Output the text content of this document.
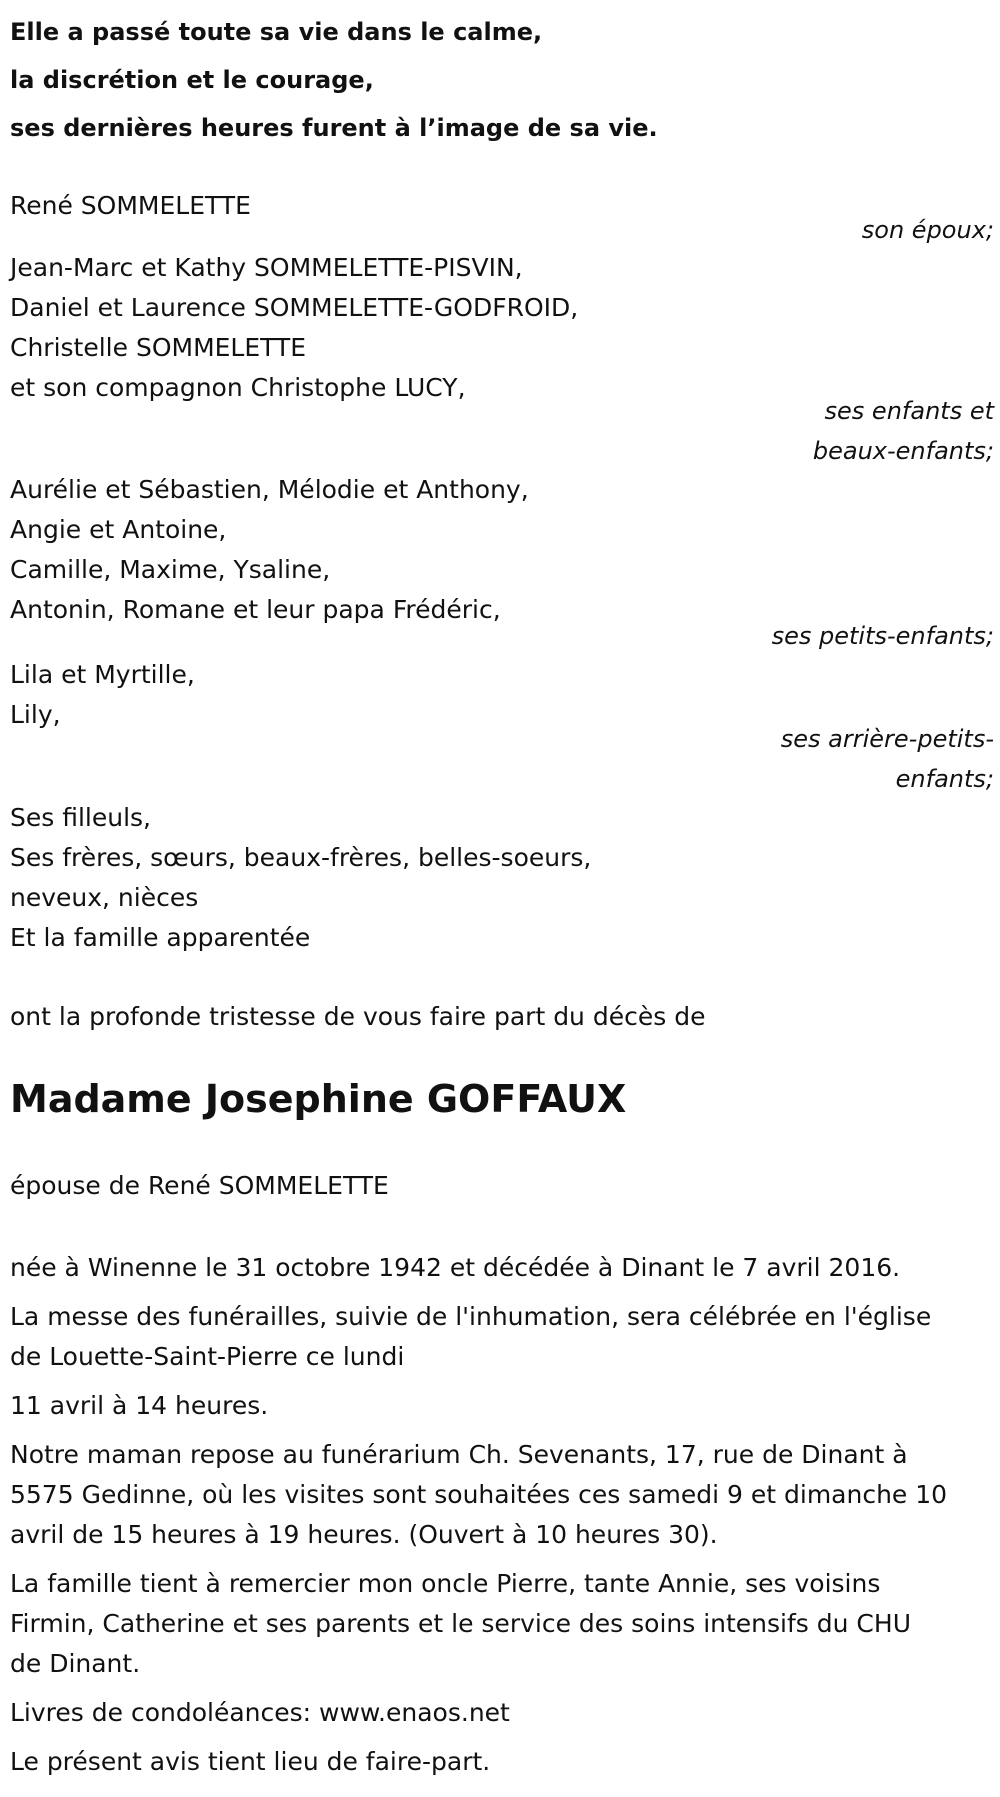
Elle a passé toute sa vie dans le calme,
la discrétion et le courage,
ses dernières heures furent à l’image de sa vie.
René SOMMELETTE
son époux;
Jean-Marc et Kathy SOMMELETTE-PISVIN,
Daniel et Laurence SOMMELETTE-GODFROID,
Christelle SOMMELETTE
et son compagnon Christophe LUCY,
ses enfants et
beaux-enfants;
Aurélie et Sébastien, Mélodie et Anthony,
Angie et Antoine,
Camille, Maxime, Ysaline,
Antonin, Romane et leur papa Frédéric,
ses petits-enfants;
Lila et Myrtille,
Lily,
ses arrière-petits-
enfants;
Ses filleuls,
Ses frères, sœurs, beaux-frères, belles-soeurs,
neveux, nièces
Et la famille apparentée
ont la profonde tristesse de vous faire part du décès de
Madame Josephine GOFFAUX
épouse de René SOMMELETTE
née à Winenne le 31 octobre 1942 et décédée à Dinant le 7 avril 2016.
La messe des funérailles, suivie de l'inhumation, sera célébrée en l'église
de Louette-Saint-Pierre ce lundi
11 avril à 14 heures.
Notre maman repose au funérarium Ch. Sevenants, 17, rue de Dinant à
5575 Gedinne, où les visites sont souhaitées ces samedi 9 et dimanche 10
avril de 15 heures à 19 heures. (Ouvert à 10 heures 30).
La famille tient à remercier mon oncle Pierre, tante Annie, ses voisins
Firmin, Catherine et ses parents et le service des soins intensifs du CHU
de Dinant.
Livres de condoléances: www.enaos.net
Le présent avis tient lieu de faire-part.
